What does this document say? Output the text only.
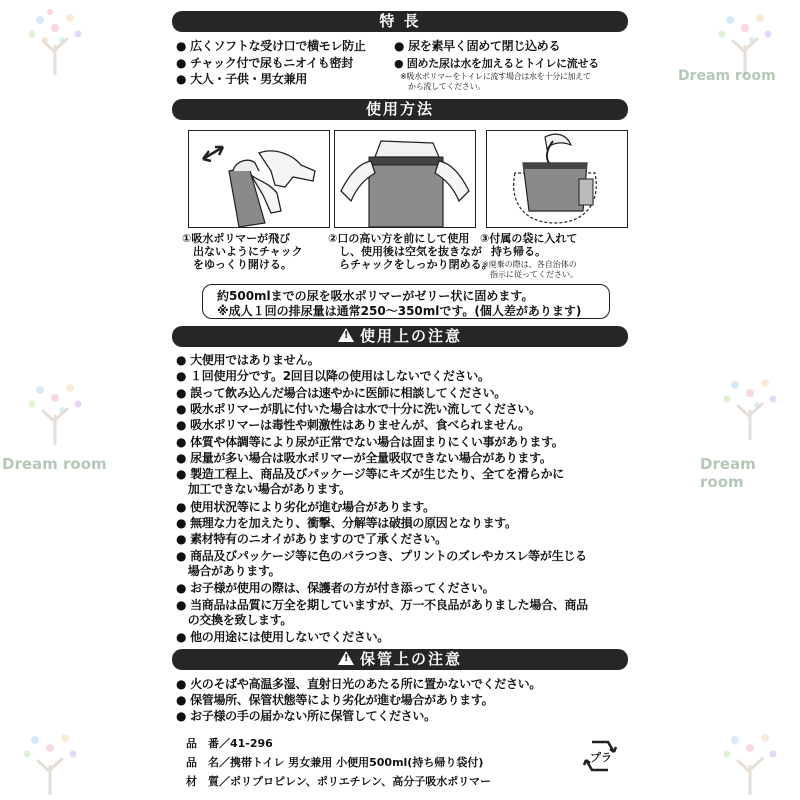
Dream room
Dream room	Dream room
特 長
● 広くソフトな受け口で横モレ防止
● チャック付で尿もニオイも密封
● 大人・子供・男女兼用
● 尿を素早く固めて閉じ込める
● 固めた尿は水を加えるとトイレに流せる
※吸水ポリマーをトイレに流す場合は水を十分に加えて
から流してください。
使用方法
①吸水ポリマーが飛び
　出ないようにチャック
　をゆっくり開ける。
②口の高い方を前にして使用
　し、使用後は空気を抜きなが
　らチャックをしっかり閉める。
③付属の袋に入れて
　持ち帰る。
※廃棄の際は、各自治体の
　指示に従ってください。
約500mlまでの尿を吸水ポリマーがゼリー状に固めます。
※成人１回の排尿量は通常250〜350mlです。(個人差があります)
!使用上の注意
● 大便用ではありません。
● １回使用分です。2回目以降の使用はしないでください。
● 誤って飲み込んだ場合は速やかに医師に相談してください。
● 吸水ポリマーが肌に付いた場合は水で十分に洗い流してください。
● 吸水ポリマーは毒性や刺激性はありませんが、食べられません。
● 体質や体調等により尿が正常でない場合は固まりにくい事があります。
● 尿量が多い場合は吸水ポリマーが全量吸収できない場合があります。
● 製造工程上、商品及びパッケージ等にキズが生じたり、全てを滑らかに
　加工できない場合があります。
● 使用状況等により劣化が進む場合があります。
● 無理な力を加えたり、衝撃、分解等は破損の原因となります。
● 素材特有のニオイがありますので了承ください。
● 商品及びパッケージ等に色のバラつき、プリントのズレやカスレ等が生じる
　場合があります。
● お子様が使用の際は、保護者の方が付き添ってください。
● 当商品は品質に万全を期していますが、万一不良品がありました場合、商品
　の交換を致します。
● 他の用途には使用しないでください。
!保管上の注意
● 火のそばや高温多湿、直射日光のあたる所に置かないでください。
● 保管場所、保管状態等により劣化が進む場合があります。
● お子様の手の届かない所に保管してください。
品　番／41-296
品　名／携帯トイレ 男女兼用 小便用500ml(持ち帰り袋付)
材　質／ポリプロピレン、ポリエチレン、高分子吸水ポリマー
プラ
